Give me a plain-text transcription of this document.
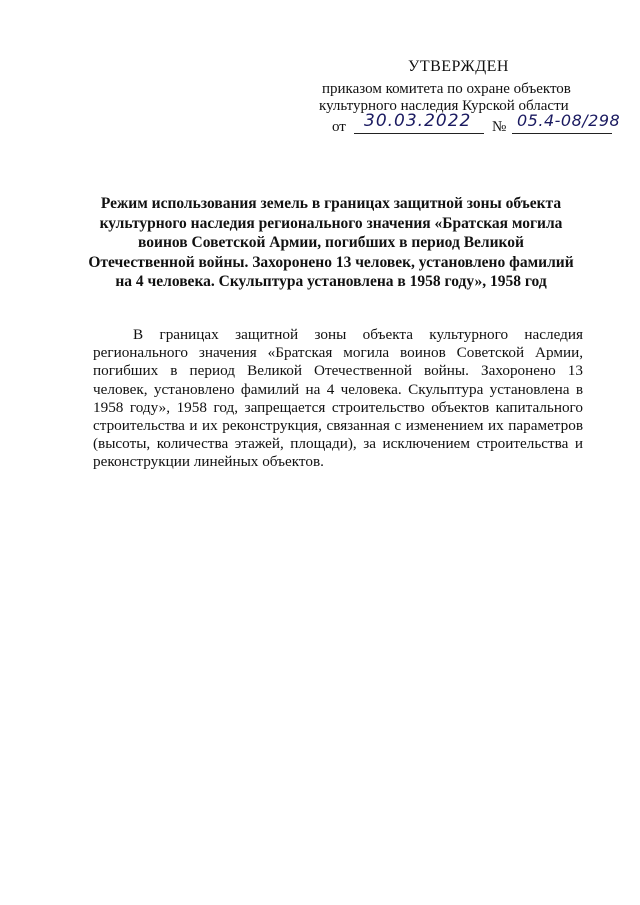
УТВЕРЖДЕН
приказом комитета по охране объектов
культурного наследия Курской области
от 30.03.2022 № 05.4-08/298
Режим использования земель в границах защитной зоны объекта культурного наследия регионального значения «Братская могила воинов Советской Армии, погибших в период Великой Отечественной войны. Захоронено 13 человек, установлено фамилий на 4 человека. Скульптура установлена в 1958 году», 1958 год
В границах защитной зоны объекта культурного наследия регионального значения «Братская могила воинов Советской Армии, погибших в период Великой Отечественной войны. Захоронено 13 человек, установлено фамилий на 4 человека. Скульптура установлена в 1958 году», 1958 год, запрещается строительство объектов капитального строительства и их реконструкция, связанная с изменением их параметров (высоты, количества этажей, площади), за исключением строительства и реконструкции линейных объектов.
